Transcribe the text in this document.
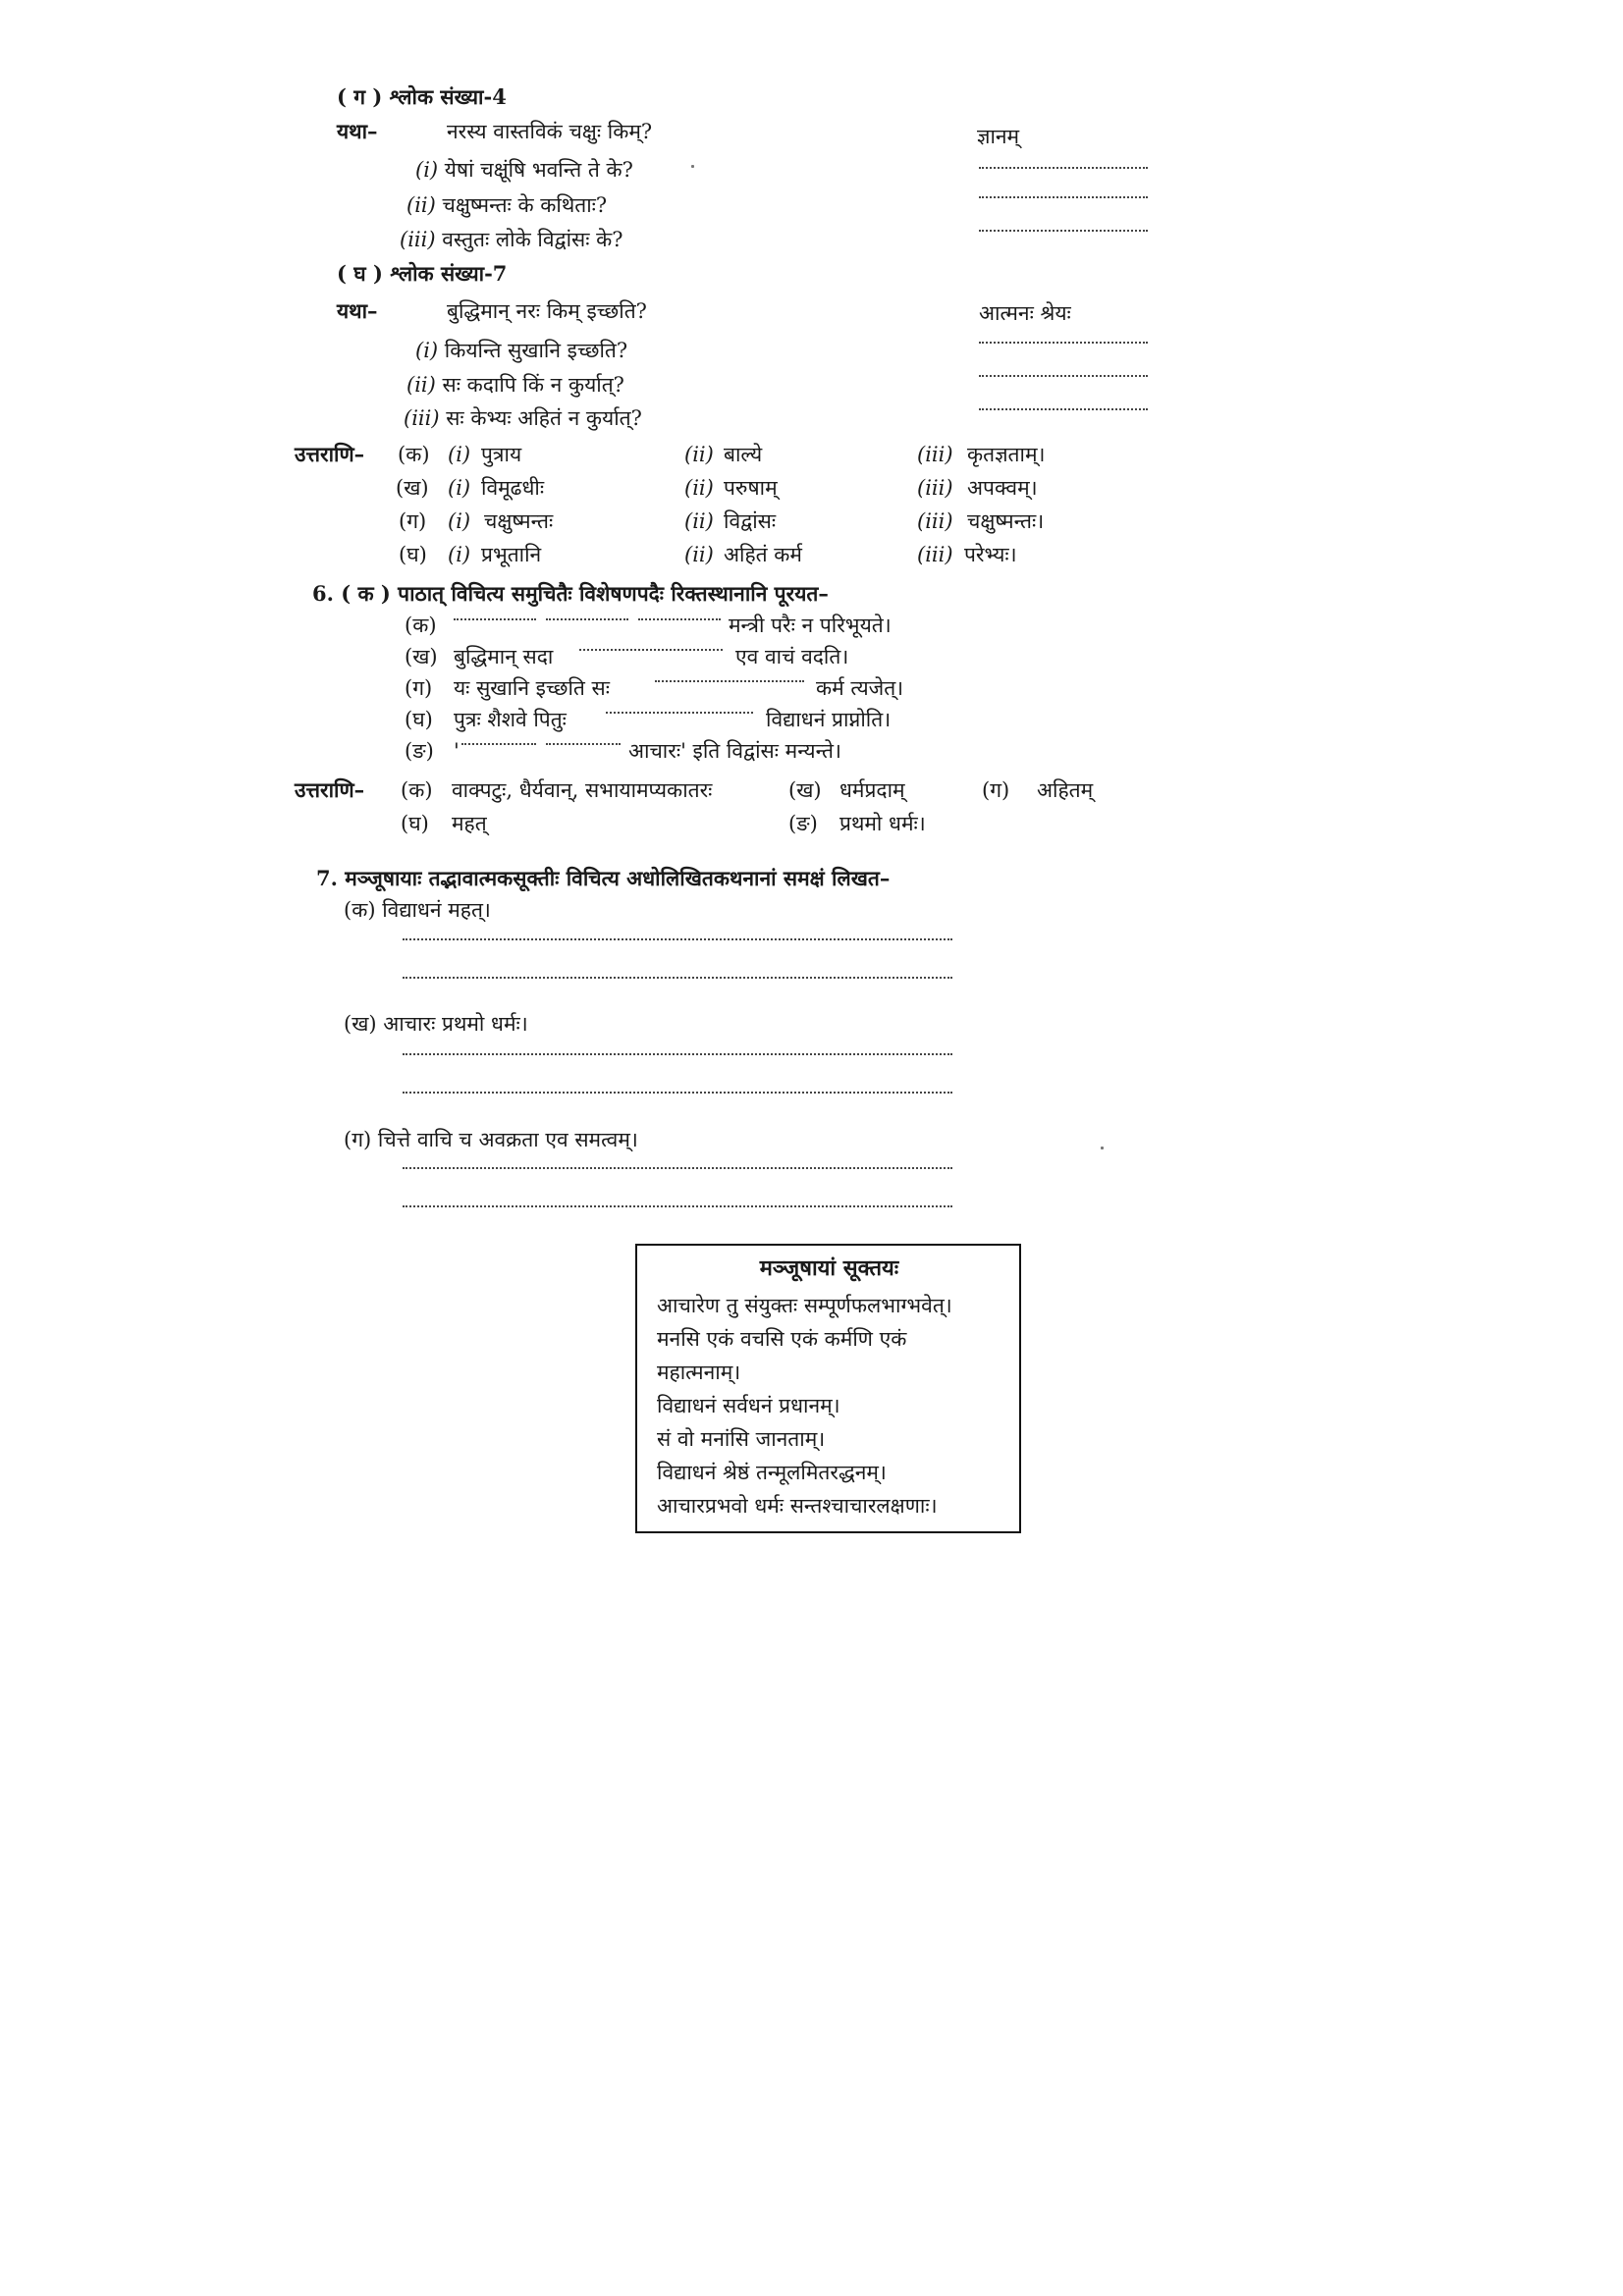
( ग ) श्लोक संख्या-4
यथा–	नरस्य वास्तविकं चक्षुः किम्?	ज्ञानम्
(i) येषां चक्षूंषि भवन्ति ते के?
(ii) चक्षुष्मन्तः के कथिताः?
(iii) वस्तुतः लोके विद्वांसः के?
( घ ) श्लोक संख्या-7
यथा–	बुद्धिमान् नरः किम् इच्छति?	आत्मनः श्रेयः
(i) कियन्ति सुखानि इच्छति?
(ii) सः कदापि किं न कुर्यात्?
(iii) सः केभ्यः अहितं न कुर्यात्?
उत्तराणि– (क) (i) पुत्राय	(ii) बाल्ये	(iii) कृतज्ञताम्।
(ख) (i) विमूढधीः	(ii) परुषाम्	(iii) अपक्वम्।
(ग) (i) चक्षुष्मन्तः	(ii) विद्वांसः	(iii) चक्षुष्मन्तः।
(घ) (i) प्रभूतानि	(ii) अहितं कर्म	(iii) परेभ्यः।
6. ( क ) पाठात् विचित्य समुचितैः विशेषणपदैः रिक्तस्थानानि पूरयत–
(क)	मन्त्री परैः न परिभूयते।
(ख) बुद्धिमान् सदा	एव वाचं वदति।
(ग) यः सुखानि इच्छति सः	कर्म त्यजेत्।
(घ) पुत्रः शैशवे पितुः	विद्याधनं प्राप्नोति।
(ङ) '	आचारः' इति विद्वांसः मन्यन्ते।
उत्तराणि– (क) वाक्पटुः, धैर्यवान्, सभायामप्यकातरः	(ख) धर्मप्रदाम्	(ग) अहितम्
(घ) महत्	(ङ) प्रथमो धर्मः।
7. मञ्जूषायाः तद्भावात्मकसूक्तीः विचित्य अधोलिखितकथनानां समक्षं लिखत–
(क) विद्याधनं महत्।
(ख) आचारः प्रथमो धर्मः।
(ग) चित्ते वाचि च अवक्रता एव समत्वम्।
मञ्जूषायां सूक्तयः
आचारेण तु संयुक्तः सम्पूर्णफलभाग्भवेत्।
मनसि एकं वचसि एकं कर्मणि एकं
महात्मनाम्।
विद्याधनं सर्वधनं प्रधानम्।
सं वो मनांसि जानताम्।
विद्याधनं श्रेष्ठं तन्मूलमितरद्धनम्।
आचारप्रभवो धर्मः सन्तश्चाचारलक्षणाः।
